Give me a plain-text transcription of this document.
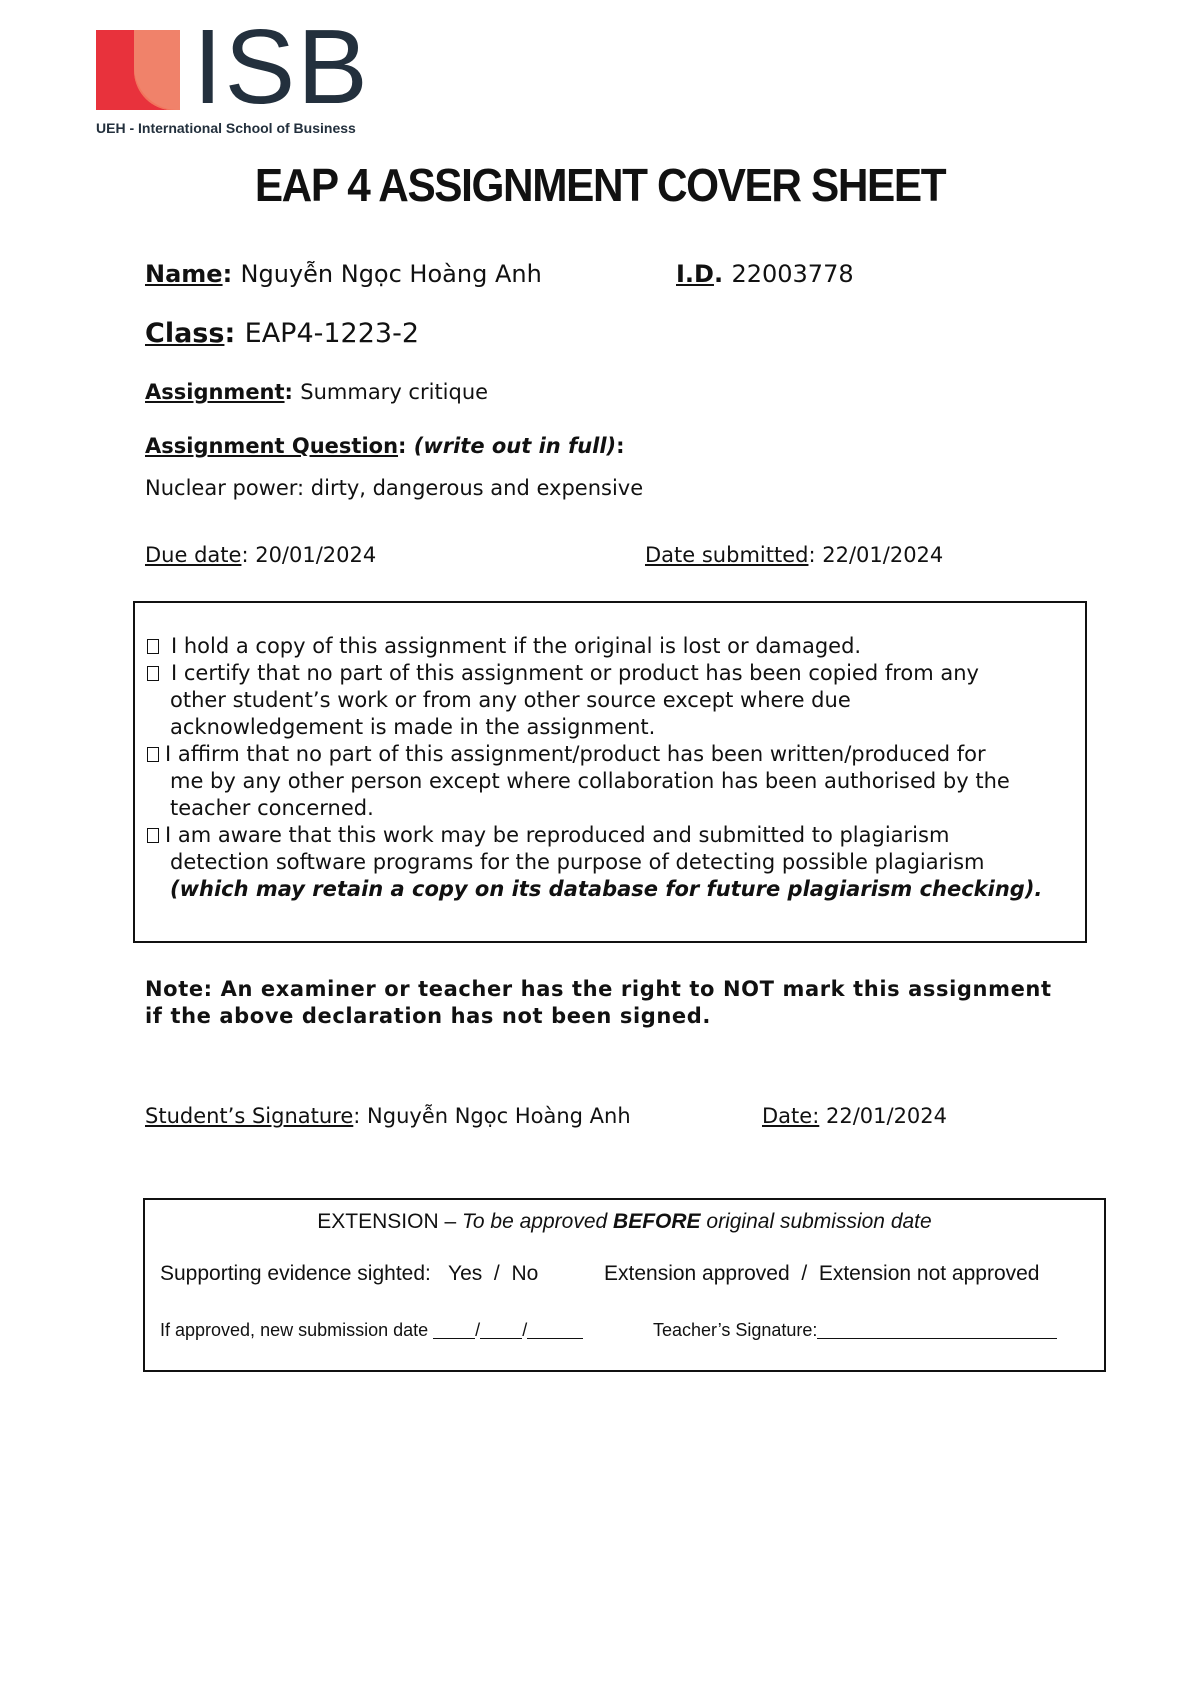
ISB
UEH - International School of Business
EAP 4 ASSIGNMENT COVER SHEET
Name: Nguyễn Ngọc Hoàng Anh	I.D. 22003778
Class: EAP4-1223-2
Assignment: Summary critique
Assignment Question: (write out in full):
Nuclear power: dirty, dangerous and expensive
Due date: 20/01/2024	Date submitted: 22/01/2024
I hold a copy of this assignment if the original is lost or damaged.
I certify that no part of this assignment or product has been copied from any
other student’s work or from any other source except where due
acknowledgement is made in the assignment.
I affirm that no part of this assignment/product has been written/produced for
me by any other person except where collaboration has been authorised by the
teacher concerned.
I am aware that this work may be reproduced and submitted to plagiarism
detection software programs for the purpose of detecting possible plagiarism
(which may retain a copy on its database for future plagiarism checking).
Note: An examiner or teacher has the right to NOT mark this assignment
if the above declaration has not been signed.
Student’s Signature: Nguyễn Ngọc Hoàng Anh	Date: 22/01/2024
EXTENSION – To be approved BEFORE original submission date
Supporting evidence sighted: Yes / No	Extension approved / Extension not approved
If approved, new submission date	/ /	Teacher’s Signature:
